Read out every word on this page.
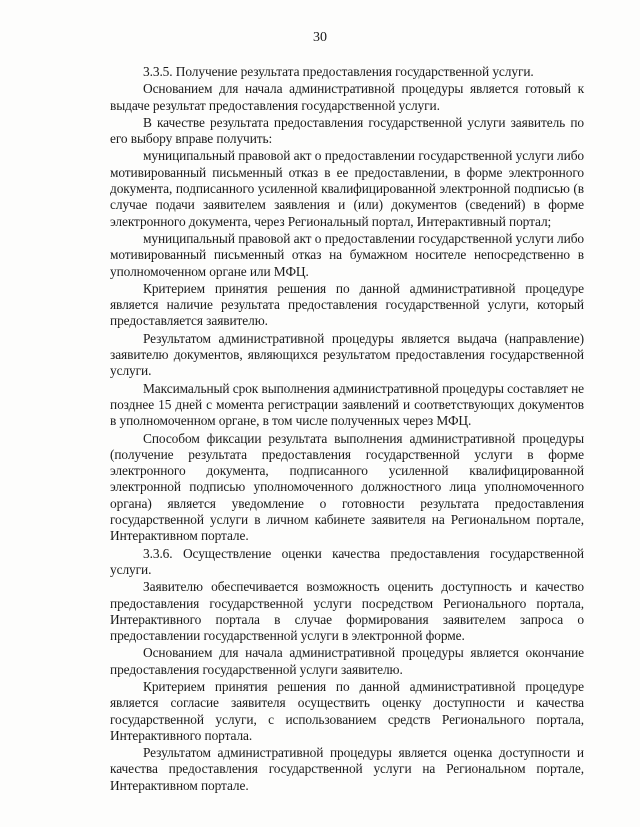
30

3.3.5. Получение результата предоставления государственной услуги.

Основанием для начала административной процедуры является готовый к выдаче результат предоставления государственной услуги.

В качестве результата предоставления государственной услуги заявитель по его выбору вправе получить:

муниципальный правовой акт о предоставлении государственной услуги либо мотивированный письменный отказ в ее предоставлении, в форме электронного документа, подписанного усиленной квалифицированной электронной подписью (в случае подачи заявителем заявления и (или) документов (сведений) в форме электронного документа, через Региональный портал, Интерактивный портал;

муниципальный правовой акт о предоставлении государственной услуги либо мотивированный письменный отказ на бумажном носителе непосредственно в уполномоченном органе или МФЦ.

Критерием принятия решения по данной административной процедуре является наличие результата предоставления государственной услуги, который предоставляется заявителю.

Результатом административной процедуры является выдача (направление) заявителю документов, являющихся результатом предоставления государственной услуги.

Максимальный срок выполнения административной процедуры составляет не позднее 15 дней с момента регистрации заявлений и соответствующих документов в уполномоченном органе, в том числе полученных через МФЦ.

Способом фиксации результата выполнения административной процедуры (получение результата предоставления государственной услуги в форме электронного документа, подписанного усиленной квалифицированной электронной подписью уполномоченного должностного лица уполномоченного органа) является уведомление о готовности результата предоставления государственной услуги в личном кабинете заявителя на Региональном портале, Интерактивном портале.

3.3.6. Осуществление оценки качества предоставления государственной услуги.

Заявителю обеспечивается возможность оценить доступность и качество предоставления государственной услуги посредством Регионального портала, Интерактивного портала в случае формирования заявителем запроса о предоставлении государственной услуги в электронной форме.

Основанием для начала административной процедуры является окончание предоставления государственной услуги заявителю.

Критерием принятия решения по данной административной процедуре является согласие заявителя осуществить оценку доступности и качества государственной услуги, с использованием средств Регионального портала, Интерактивного портала.

Результатом административной процедуры является оценка доступности и качества предоставления государственной услуги на Региональном портале, Интерактивном портале.
